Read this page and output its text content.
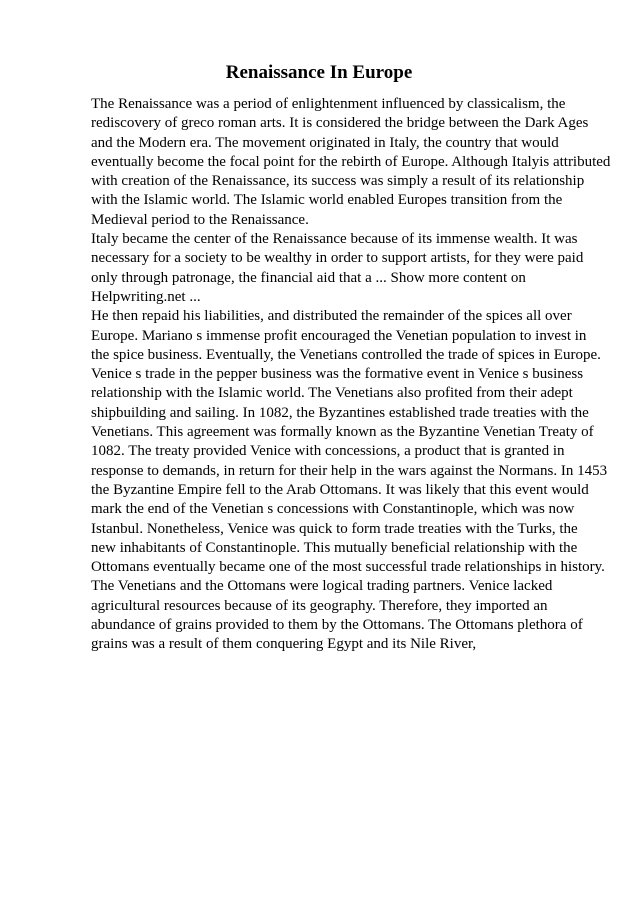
Renaissance In Europe
The Renaissance was a period of enlightenment influenced by classicalism, the
rediscovery of greco roman arts. It is considered the bridge between the Dark Ages
and the Modern era. The movement originated in Italy, the country that would
eventually become the focal point for the rebirth of Europe. Although Italyis attributed
with creation of the Renaissance, its success was simply a result of its relationship
with the Islamic world. The Islamic world enabled Europes transition from the
Medieval period to the Renaissance.
Italy became the center of the Renaissance because of its immense wealth. It was
necessary for a society to be wealthy in order to support artists, for they were paid
only through patronage, the financial aid that a ... Show more content on
Helpwriting.net ...
He then repaid his liabilities, and distributed the remainder of the spices all over
Europe. Mariano s immense profit encouraged the Venetian population to invest in
the spice business. Eventually, the Venetians controlled the trade of spices in Europe.
Venice s trade in the pepper business was the formative event in Venice s business
relationship with the Islamic world. The Venetians also profited from their adept
shipbuilding and sailing. In 1082, the Byzantines established trade treaties with the
Venetians. This agreement was formally known as the Byzantine Venetian Treaty of
1082. The treaty provided Venice with concessions, a product that is granted in
response to demands, in return for their help in the wars against the Normans. In 1453
the Byzantine Empire fell to the Arab Ottomans. It was likely that this event would
mark the end of the Venetian s concessions with Constantinople, which was now
Istanbul. Nonetheless, Venice was quick to form trade treaties with the Turks, the
new inhabitants of Constantinople. This mutually beneficial relationship with the
Ottomans eventually became one of the most successful trade relationships in history.
The Venetians and the Ottomans were logical trading partners. Venice lacked
agricultural resources because of its geography. Therefore, they imported an
abundance of grains provided to them by the Ottomans. The Ottomans plethora of
grains was a result of them conquering Egypt and its Nile River,
